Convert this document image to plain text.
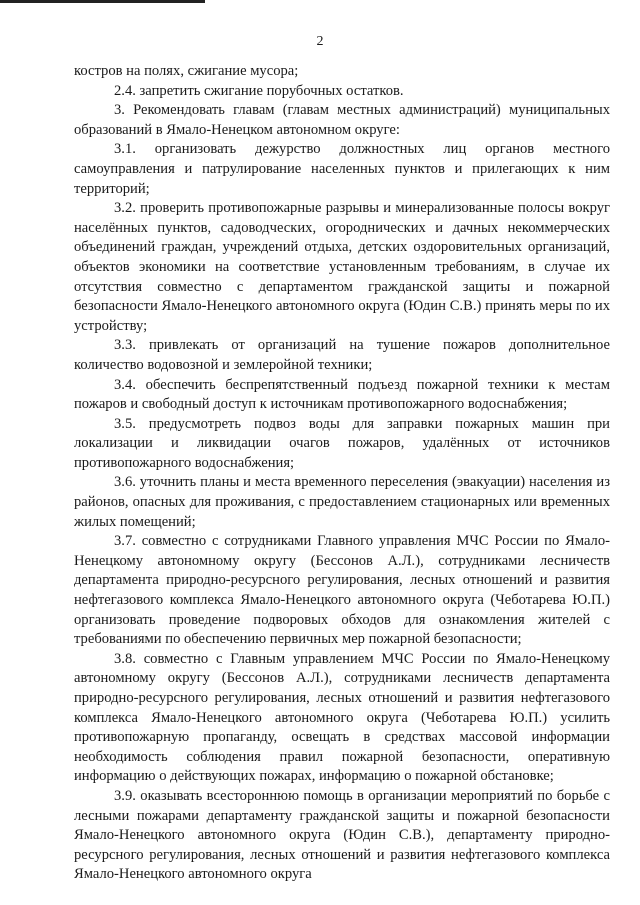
2

костров на полях, сжигание мусора;

2.4. запретить сжигание порубочных остатков.

3. Рекомендовать главам (главам местных администраций) муниципальных образований в Ямало-Ненецком автономном округе:

3.1. организовать дежурство должностных лиц органов местного самоуправления и патрулирование населенных пунктов и прилегающих к ним территорий;

3.2. проверить противопожарные разрывы и минерализованные полосы вокруг населённых пунктов, садоводческих, огороднических и дачных некоммерческих объединений граждан, учреждений отдыха, детских оздоровительных организаций, объектов экономики на соответствие установленным требованиям, в случае их отсутствия совместно с департаментом гражданской защиты и пожарной безопасности Ямало-Ненецкого автономного округа (Юдин С.В.) принять меры по их устройству;

3.3. привлекать от организаций на тушение пожаров дополнительное количество водовозной и землеройной техники;

3.4. обеспечить беспрепятственный подъезд пожарной техники к местам пожаров и свободный доступ к источникам противопожарного водоснабжения;

3.5. предусмотреть подвоз воды для заправки пожарных машин при локализации и ликвидации очагов пожаров, удалённых от источников противопожарного водоснабжения;

3.6. уточнить планы и места временного переселения (эвакуации) населения из районов, опасных для проживания, с предоставлением стационарных или временных жилых помещений;

3.7. совместно с сотрудниками Главного управления МЧС России по Ямало-Ненецкому автономному округу (Бессонов А.Л.), сотрудниками лесничеств департамента природно-ресурсного регулирования, лесных отношений и развития нефтегазового комплекса Ямало-Ненецкого автономного округа (Чеботарева Ю.П.) организовать проведение подворовых обходов для ознакомления жителей с требованиями по обеспечению первичных мер пожарной безопасности;

3.8. совместно с Главным управлением МЧС России по Ямало-Ненецкому автономному округу (Бессонов А.Л.), сотрудниками лесничеств департамента природно-ресурсного регулирования, лесных отношений и развития нефтегазового комплекса Ямало-Ненецкого автономного округа (Чеботарева Ю.П.) усилить противопожарную пропаганду, освещать в средствах массовой информации необходимость соблюдения правил пожарной безопасности, оперативную информацию о действующих пожарах, информацию о пожарной обстановке;

3.9. оказывать всестороннюю помощь в организации мероприятий по борьбе с лесными пожарами департаменту гражданской защиты и пожарной безопасности Ямало-Ненецкого автономного округа (Юдин С.В.), департаменту природно-ресурсного регулирования, лесных отношений и развития нефтегазового комплекса Ямало-Ненецкого автономного округа
